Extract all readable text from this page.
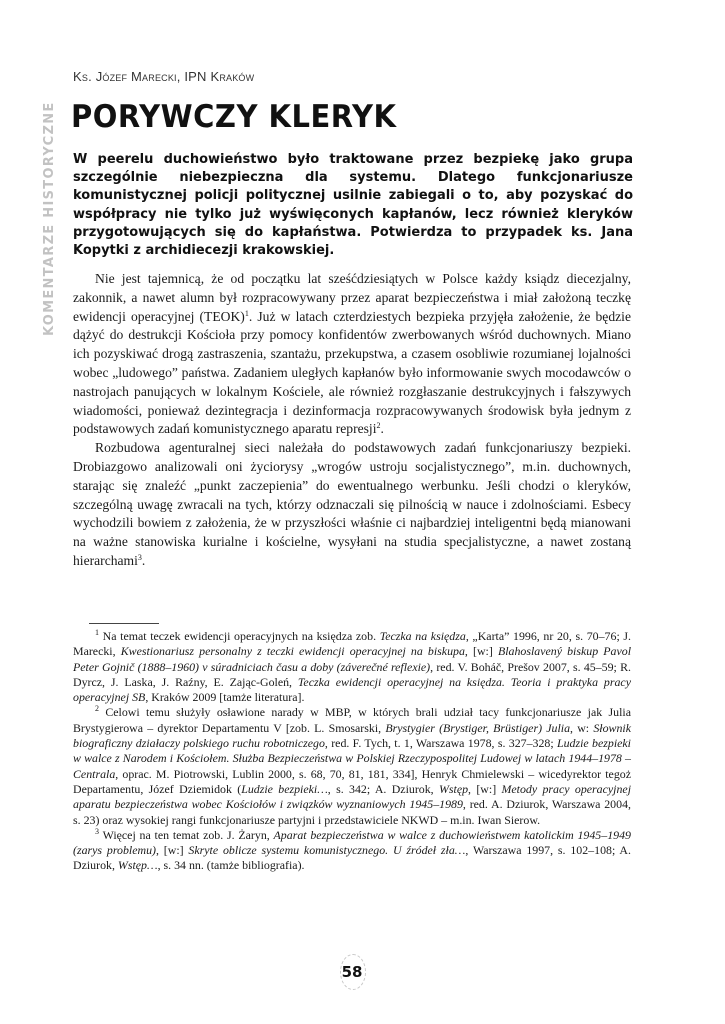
KOMENTARZE HISTORYCZNE
Ks. Józef Marecki, IPN Kraków
PORYWCZY KLERYK

W peerelu duchowieństwo było traktowane przez bezpiekę jako grupa szczególnie niebezpieczna dla systemu. Dlatego funkcjonariusze komunistycznej policji politycznej usilnie zabiegali o to, aby pozyskać do współpracy nie tylko już wyświęconych kapłanów, lecz również kleryków przygotowujących się do kapłaństwa. Potwierdza to przypadek ks. Jana Kopytki z archidiecezji krakowskiej.

Nie jest tajemnicą, że od początku lat sześćdziesiątych w Polsce każdy ksiądz diecezjalny, zakonnik, a nawet alumn był rozpracowywany przez aparat bezpieczeństwa i miał założoną teczkę ewidencji operacyjnej (TEOK)$^1$. Już w latach czterdziestych bezpieka przyjęła założenie, że będzie dążyć do destrukcji Kościoła przy pomocy konfidentów zwerbowanych wśród duchownych. Miano ich pozyskiwać drogą zastraszenia, szantażu, przekupstwa, a czasem osobliwie rozumianej lojalności wobec „ludowego” państwa. Zadaniem uległych kapłanów było informowanie swych mocodawców o nastrojach panujących w lokalnym Kościele, ale również rozgłaszanie destrukcyjnych i fałszywych wiadomości, ponieważ dezintegracja i dezinformacja rozpracowywanych środowisk była jednym z podstawowych zadań komunistycznego aparatu represji$^2$.

Rozbudowa agenturalnej sieci należała do podstawowych zadań funkcjonariuszy bezpieki. Drobiazgowo analizowali oni życiorysy „wrogów ustroju socjalistycznego”, m.in. duchownych, starając się znaleźć „punkt zaczepienia” do ewentualnego werbunku. Jeśli chodzi o kleryków, szczególną uwagę zwracali na tych, którzy odznaczali się pilnością w nauce i zdolnościami. Esbecy wychodzili bowiem z założenia, że w przyszłości właśnie ci najbardziej inteligentni będą mianowani na ważne stanowiska kurialne i kościelne, wysyłani na studia specjalistyczne, a nawet zostaną hierarchami$^3$.

$^1$ Na temat teczek ewidencji operacyjnych na księdza zob. Teczka na księdza, „Karta” 1996, nr 20, s. 70–76; J. Marecki, Kwestionariusz personalny z teczki ewidencji operacyjnej na biskupa, [w:] Blahoslavený biskup Pavol Peter Gojnič (1888–1960) v súradniciach času a doby (záverečné reflexie), red. V. Boháč, Prešov 2007, s. 45–59; R. Dyrcz, J. Laska, J. Raźny, E. Zając-Goleń, Teczka ewidencji operacyjnej na księdza. Teoria i praktyka pracy operacyjnej SB, Kraków 2009 [tamże literatura].

$^2$ Celowi temu służyły osławione narady w MBP, w których brali udział tacy funkcjonariusze jak Julia Brystygierowa – dyrektor Departamentu V [zob. L. Smosarski, Brystygier (Brystiger, Brüstiger) Julia, w: Słownik biograficzny działaczy polskiego ruchu robotniczego, red. F. Tych, t. 1, Warszawa 1978, s. 327–328; Ludzie bezpieki w walce z Narodem i Kościołem. Służba Bezpieczeństwa w Polskiej Rzeczypospolitej Ludowej w latach 1944–1978 – Centrala, oprac. M. Piotrowski, Lublin 2000, s. 68, 70, 81, 181, 334], Henryk Chmielewski – wicedyrektor tegoż Departamentu, Józef Dziemidok (Ludzie bezpieki…, s. 342; A. Dziurok, Wstęp, [w:] Metody pracy operacyjnej aparatu bezpieczeństwa wobec Kościołów i związków wyznaniowych 1945–1989, red. A. Dziurok, Warszawa 2004, s. 23) oraz wysokiej rangi funkcjonariusze partyjni i przedstawiciele NKWD – m.in. Iwan Sierow.

$^3$ Więcej na ten temat zob. J. Żaryn, Aparat bezpieczeństwa w walce z duchowieństwem katolickim 1945–1949 (zarys problemu), [w:] Skryte oblicze systemu komunistycznego. U źródeł zła…, Warszawa 1997, s. 102–108; A. Dziurok, Wstęp…, s. 34 nn. (tamże bibliografia).

58
